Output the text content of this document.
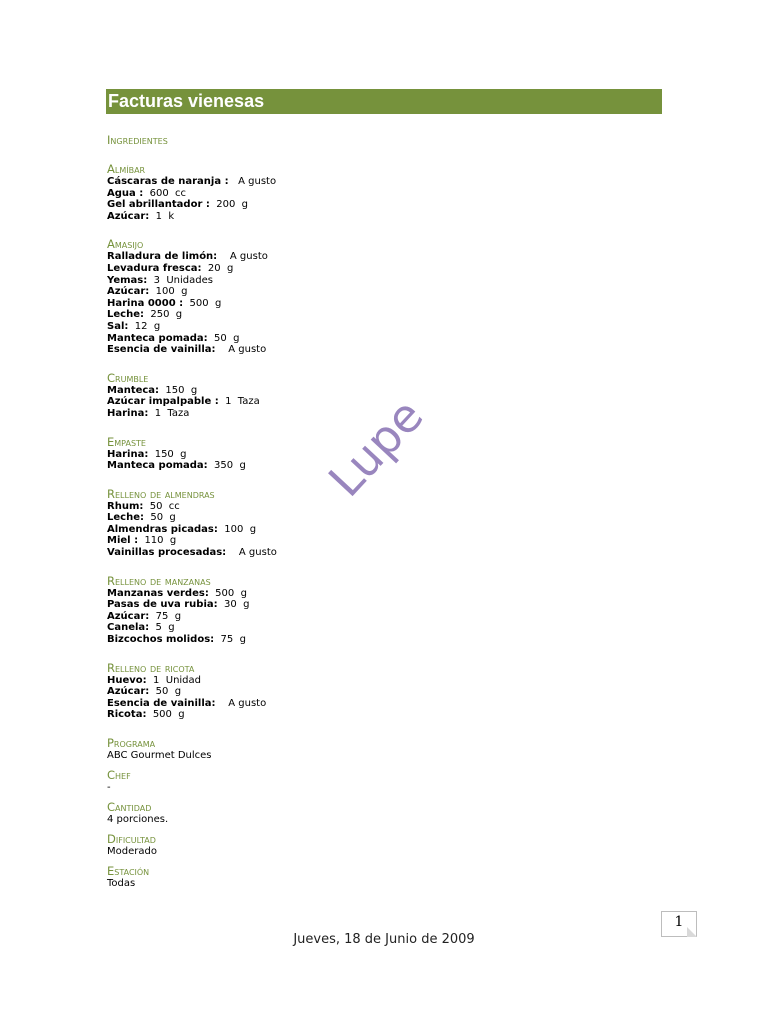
Facturas vienesas
Ingredientes
Almíbar
Cáscaras de naranja : A gusto
Agua : 600  cc
Gel abrillantador : 200  g
Azúcar: 1  k
Amasijo
Ralladura de limón: A gusto
Levadura fresca: 20  g
Yemas: 3  Unidades
Azúcar: 100  g
Harina 0000 : 500  g
Leche: 250  g
Sal: 12  g
Manteca pomada: 50  g
Esencia de vainilla: A gusto
Crumble
Manteca: 150  g
Azúcar impalpable : 1  Taza
Harina: 1  Taza
Empaste
Harina: 150  g
Manteca pomada: 350  g
Relleno de almendras
Rhum: 50  cc
Leche: 50  g
Almendras picadas: 100  g
Miel : 110  g
Vainillas procesadas: A gusto
Relleno de manzanas
Manzanas verdes: 500  g
Pasas de uva rubia: 30  g
Azúcar: 75  g
Canela: 5  g
Bizcochos molidos: 75  g
Relleno de ricota
Huevo: 1  Unidad
Azúcar: 50  g
Esencia de vainilla: A gusto
Ricota: 500  g
Programa
ABC Gourmet Dulces
Chef
-
Cantidad
4 porciones.
Dificultad
Moderado
Estación
Todas
Lupe
1
Jueves, 18 de Junio de 2009
